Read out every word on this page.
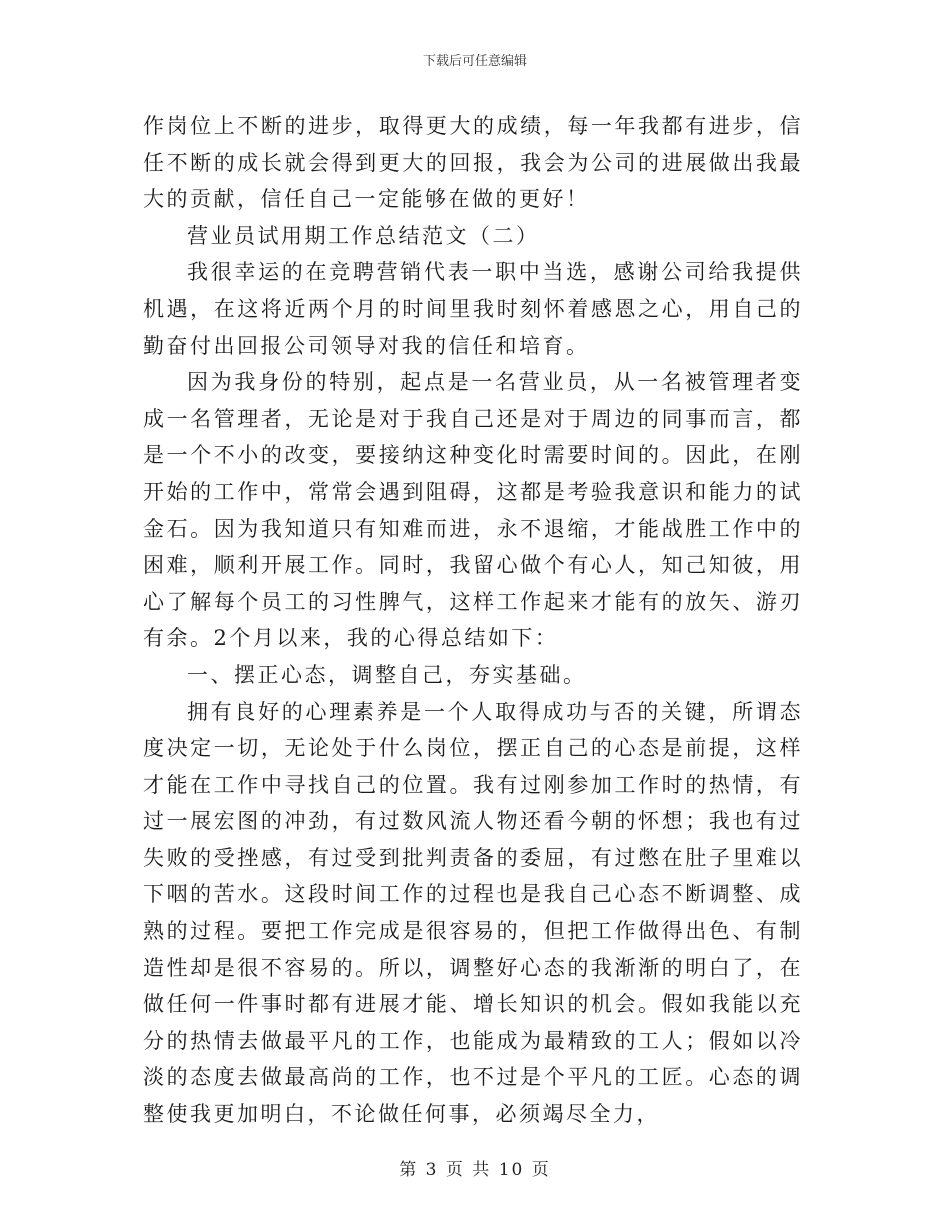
下载后可任意编辑

作岗位上不断的进步，取得更大的成绩，每一年我都有进步，信任不断的成长就会得到更大的回报，我会为公司的进展做出我最大的贡献，信任自己一定能够在做的更好！

营业员试用期工作总结范文（二）

我很幸运的在竞聘营销代表一职中当选，感谢公司给我提供机遇，在这将近两个月的时间里我时刻怀着感恩之心，用自己的勤奋付出回报公司领导对我的信任和培育。

因为我身份的特别，起点是一名营业员，从一名被管理者变成一名管理者，无论是对于我自己还是对于周边的同事而言，都是一个不小的改变，要接纳这种变化时需要时间的。因此，在刚开始的工作中，常常会遇到阻碍，这都是考验我意识和能力的试金石。因为我知道只有知难而进，永不退缩，才能战胜工作中的困难，顺利开展工作。同时，我留心做个有心人，知己知彼，用心了解每个员工的习性脾气，这样工作起来才能有的放矢、游刃有余。2个月以来，我的心得总结如下：

一、摆正心态，调整自己，夯实基础。

拥有良好的心理素养是一个人取得成功与否的关键，所谓态度决定一切，无论处于什么岗位，摆正自己的心态是前提，这样才能在工作中寻找自己的位置。我有过刚参加工作时的热情，有过一展宏图的冲劲，有过数风流人物还看今朝的怀想；我也有过失败的受挫感，有过受到批判责备的委屈，有过憋在肚子里难以下咽的苦水。这段时间工作的过程也是我自己心态不断调整、成熟的过程。要把工作完成是很容易的，但把工作做得出色、有制造性却是很不容易的。所以，调整好心态的我渐渐的明白了，在做任何一件事时都有进展才能、增长知识的机会。假如我能以充分的热情去做最平凡的工作，也能成为最精致的工人；假如以冷淡的态度去做最高尚的工作，也不过是个平凡的工匠。心态的调整使我更加明白，不论做任何事，必须竭尽全力，

第 3 页 共 10 页
